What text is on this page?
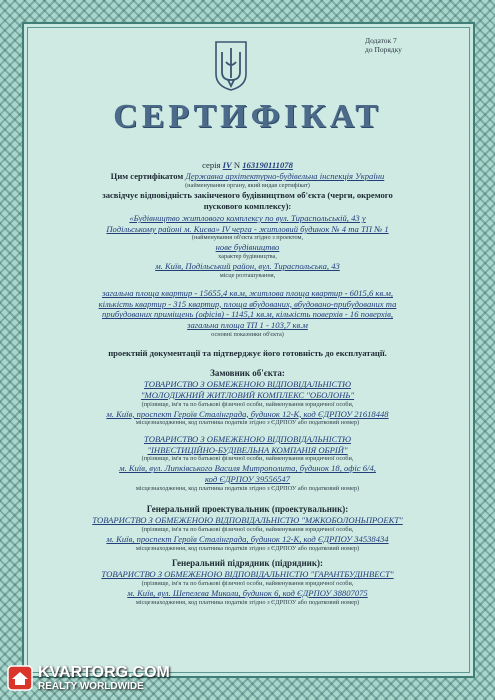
Додаток 7
до Порядку
СЕРТИФІКАТ
серія IV N 163190111078
Цим сертифікатом Державна архітектурно-будівельна інспекція України
(найменування органу, який видав сертифікат)
засвідчує відповідність закінченого будівництвом об'єкта (черги, окремого
пускового комплексу):
«Будівництво житлового комплексу по вул. Тираспольській, 43 у
Подільському районі м. Києва» IV черга - житловий будинок № 4 та ТП № 1
(найменування об'єкта згідно з проектом,
нове будівництво
характер будівництва,
м. Київ, Подільський район, вул. Тираспольська, 43
місце розташування,
загальна площа квартир - 15655,4 кв.м, житлова площа квартир - 6015,6 кв.м,
кількість квартир - 315 квартир, площа вбудованих, вбудовано-прибудованих та
прибудованих приміщень (офісів) - 1145,1 кв.м, кількість поверхів - 16 поверхів,
загальна площа ТП 1 - 103,7 кв.м
основні показники об'єкта)
проектній документації та підтверджує його готовність до експлуатації.
Замовник об'єкта:
ТОВАРИСТВО З ОБМЕЖЕНОЮ ВІДПОВІДАЛЬНІСТЮ
"МОЛОДІЖНИЙ ЖИТЛОВИЙ КОМПЛЕКС "ОБОЛОНЬ"
(прізвище, ім'я та по батькові фізичної особи, найменування юридичної особи,
м. Київ, проспект Героїв Сталінграда, будинок 12-К, код ЄДРПОУ 21618448
місцезнаходження, код платника податків згідно з ЄДРПОУ або податковий номер)
ТОВАРИСТВО З ОБМЕЖЕНОЮ ВІДПОВІДАЛЬНІСТЮ
"ІНВЕСТИЦІЙНО-БУДІВЕЛЬНА КОМПАНІЯ ОБРІЙ"
(прізвище, ім'я та по батькові фізичної особи, найменування юридичної особи,
м. Київ, вул. Липківського Василя Митрополита, будинок 18, офіс 6/4,
код ЄДРПОУ 39556547
місцезнаходження, код платника податків згідно з ЄДРПОУ або податковий номер)
Генеральний проектувальник (проектувальник):
ТОВАРИСТВО З ОБМЕЖЕНОЮ ВІДПОВІДАЛЬНІСТЮ "МЖКОБОЛОНЬПРОЕКТ"
(прізвище, ім'я та по батькові фізичної особи, найменування юридичної особи,
м. Київ, проспект Героїв Сталінграда, будинок 12-К, код ЄДРПОУ 34538434
місцезнаходження, код платника податків згідно з ЄДРПОУ або податковий номер)
Генеральний підрядник (підрядник):
ТОВАРИСТВО З ОБМЕЖЕНОЮ ВІДПОВІДАЛЬНІСТЮ "ГАРАНТБУДІНВЕСТ"
(прізвище, ім'я та по батькові фізичної особи, найменування юридичної особи,
м. Київ, вул. Шепелєва Миколи, будинок 6, код ЄДРПОУ 38807075
місцезнаходження, код платника податків згідно з ЄДРПОУ або податковий номер)
KVARTORG.COM
REALTY WORLDWIDE
